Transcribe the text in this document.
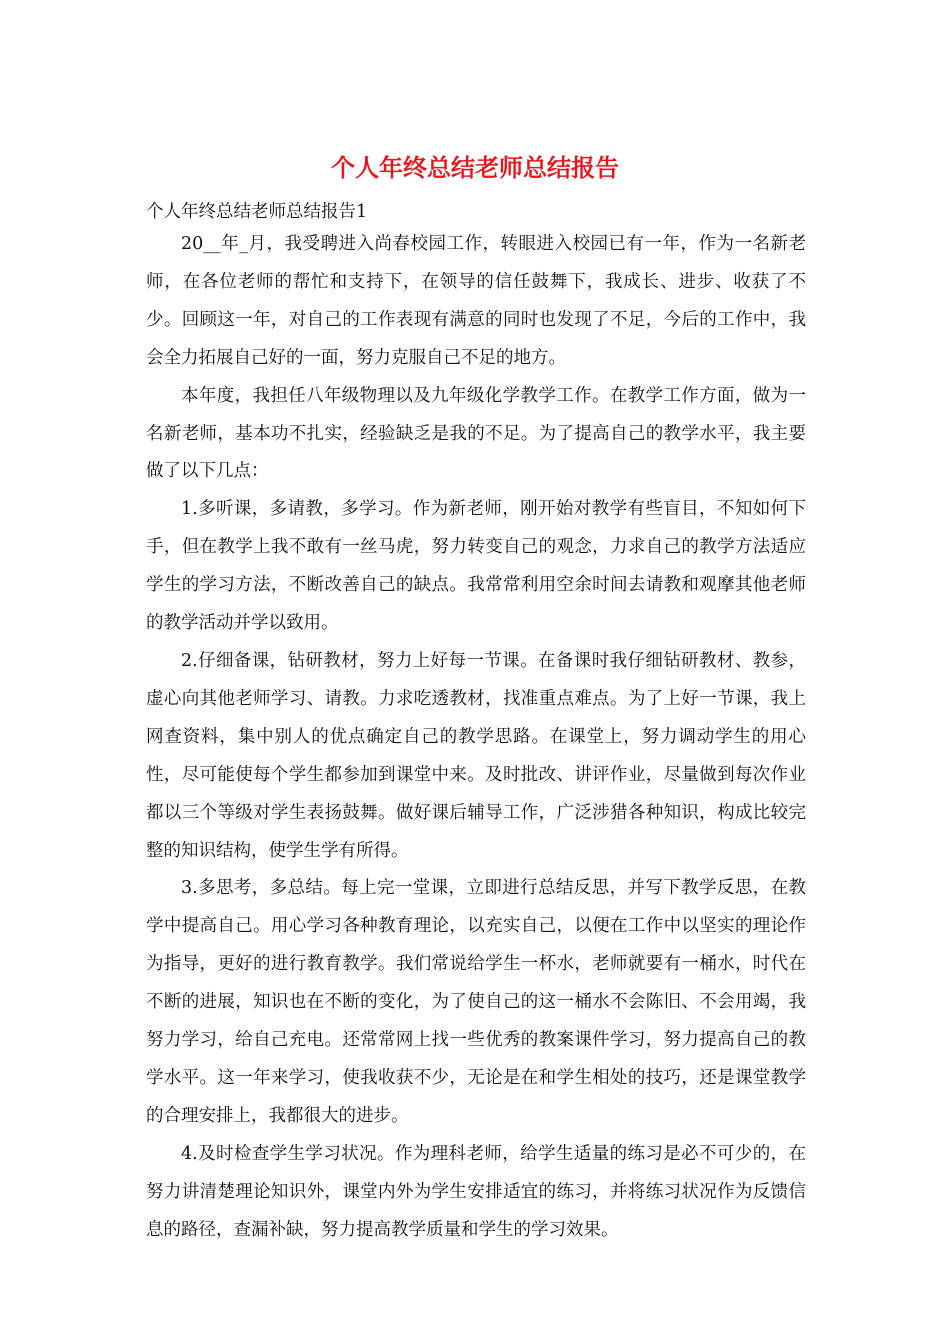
个人年终总结老师总结报告
个人年终总结老师总结报告1

20__年_月，我受聘进入尚春校园工作，转眼进入校园已有一年，作为一名新老师，在各位老师的帮忙和支持下，在领导的信任鼓舞下，我成长、进步、收获了不少。回顾这一年，对自己的工作表现有满意的同时也发现了不足，今后的工作中，我会全力拓展自己好的一面，努力克服自己不足的地方。

本年度，我担任八年级物理以及九年级化学教学工作。在教学工作方面，做为一名新老师，基本功不扎实，经验缺乏是我的不足。为了提高自己的教学水平，我主要做了以下几点：

1.多听课，多请教，多学习。作为新老师，刚开始对教学有些盲目，不知如何下手，但在教学上我不敢有一丝马虎，努力转变自己的观念，力求自己的教学方法适应学生的学习方法，不断改善自己的缺点。我常常利用空余时间去请教和观摩其他老师的教学活动并学以致用。

2.仔细备课，钻研教材，努力上好每一节课。在备课时我仔细钻研教材、教参，虚心向其他老师学习、请教。力求吃透教材，找准重点难点。为了上好一节课，我上网查资料，集中别人的优点确定自己的教学思路。在课堂上，努力调动学生的用心性，尽可能使每个学生都参加到课堂中来。及时批改、讲评作业，尽量做到每次作业都以三个等级对学生表扬鼓舞。做好课后辅导工作，广泛涉猎各种知识，构成比较完整的知识结构，使学生学有所得。

3.多思考，多总结。每上完一堂课，立即进行总结反思，并写下教学反思，在教学中提高自己。用心学习各种教育理论，以充实自己，以便在工作中以坚实的理论作为指导，更好的进行教育教学。我们常说给学生一杯水，老师就要有一桶水，时代在不断的进展，知识也在不断的变化，为了使自己的这一桶水不会陈旧、不会用竭，我努力学习，给自己充电。还常常网上找一些优秀的教案课件学习，努力提高自己的教学水平。这一年来学习，使我收获不少，无论是在和学生相处的技巧，还是课堂教学的合理安排上，我都很大的进步。

4.及时检查学生学习状况。作为理科老师，给学生适量的练习是必不可少的，在努力讲清楚理论知识外，课堂内外为学生安排适宜的练习，并将练习状况作为反馈信息的路径，查漏补缺，努力提高教学质量和学生的学习效果。
